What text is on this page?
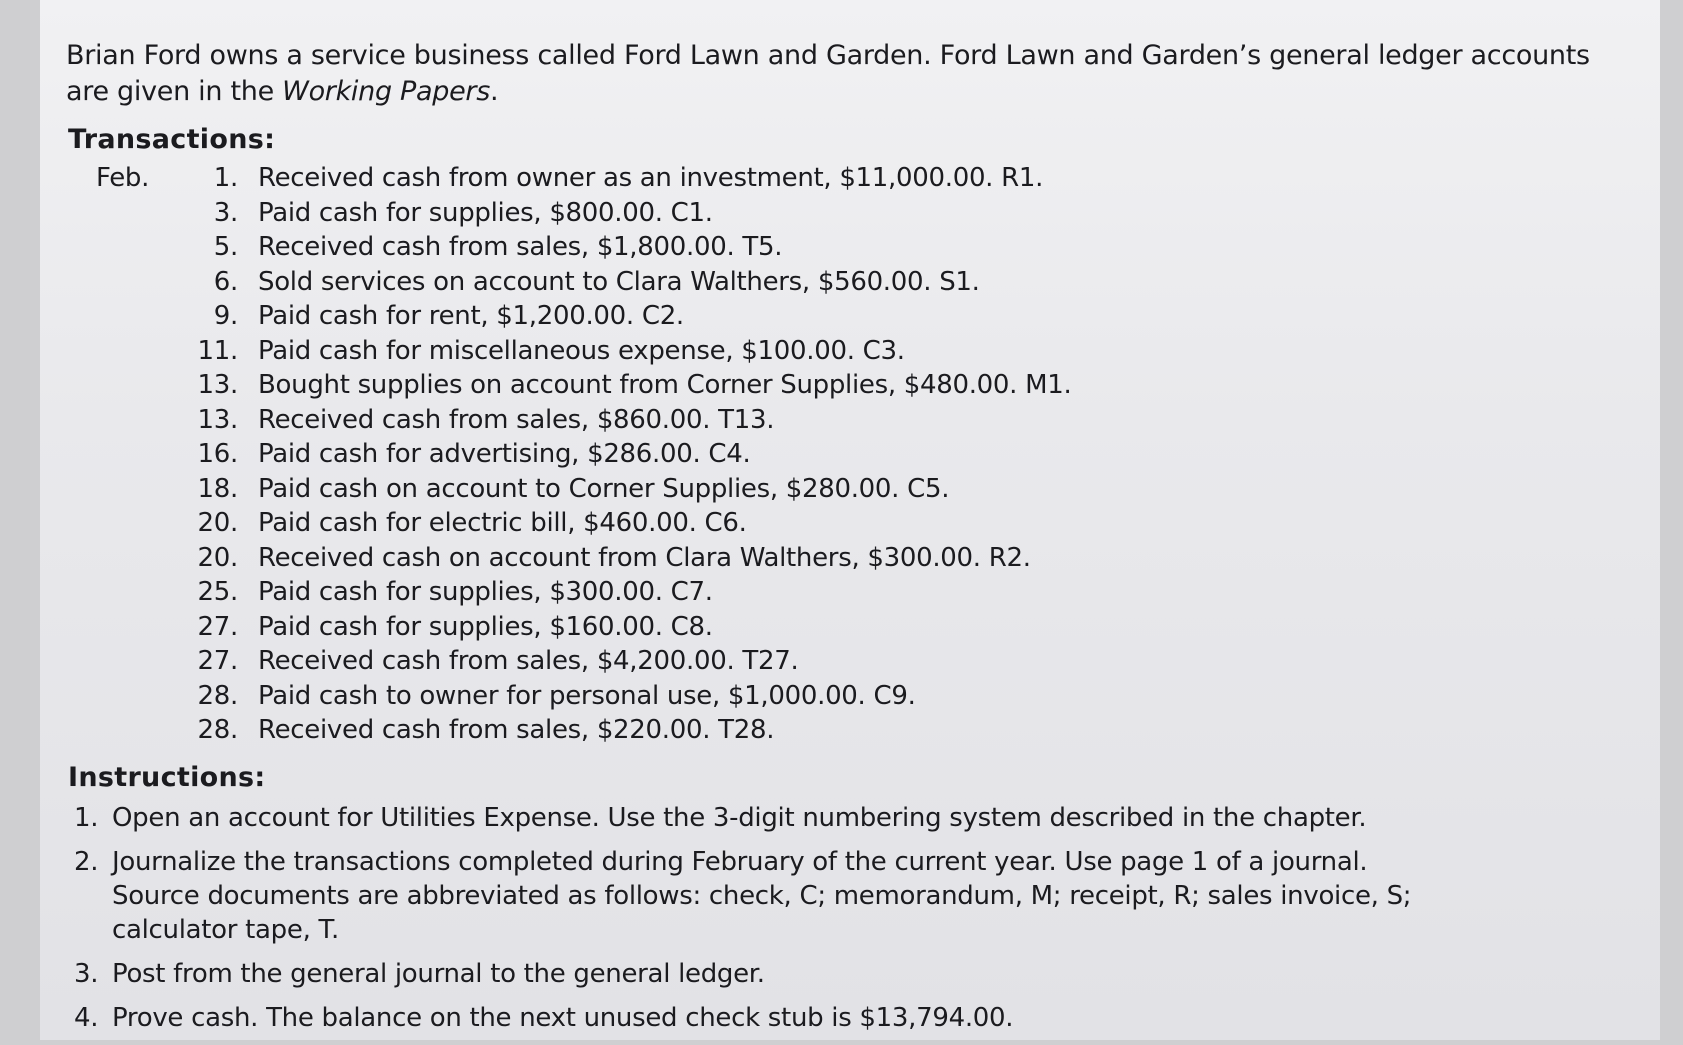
Brian Ford owns a service business called Ford Lawn and Garden. Ford Lawn and Garden’s general ledger accounts are given in the Working Papers.

Transactions:
Feb.	1. Received cash from owner as an investment, $11,000.00. R1.
3. Paid cash for supplies, $800.00. C1.
5. Received cash from sales, $1,800.00. T5.
6. Sold services on account to Clara Walthers, $560.00. S1.
9. Paid cash for rent, $1,200.00. C2.
11. Paid cash for miscellaneous expense, $100.00. C3.
13. Bought supplies on account from Corner Supplies, $480.00. M1.
13. Received cash from sales, $860.00. T13.
16. Paid cash for advertising, $286.00. C4.
18. Paid cash on account to Corner Supplies, $280.00. C5.
20. Paid cash for electric bill, $460.00. C6.
20. Received cash on account from Clara Walthers, $300.00. R2.
25. Paid cash for supplies, $300.00. C7.
27. Paid cash for supplies, $160.00. C8.
27. Received cash from sales, $4,200.00. T27.
28. Paid cash to owner for personal use, $1,000.00. C9.
28. Received cash from sales, $220.00. T28.
Instructions:
1. Open an account for Utilities Expense. Use the 3-digit numbering system described in the chapter.
2. Journalize the transactions completed during February of the current year. Use page 1 of a journal. Source documents are abbreviated as follows: check, C; memorandum, M; receipt, R; sales invoice, S; calculator tape, T.
3. Post from the general journal to the general ledger.
4. Prove cash. The balance on the next unused check stub is $13,794.00.
